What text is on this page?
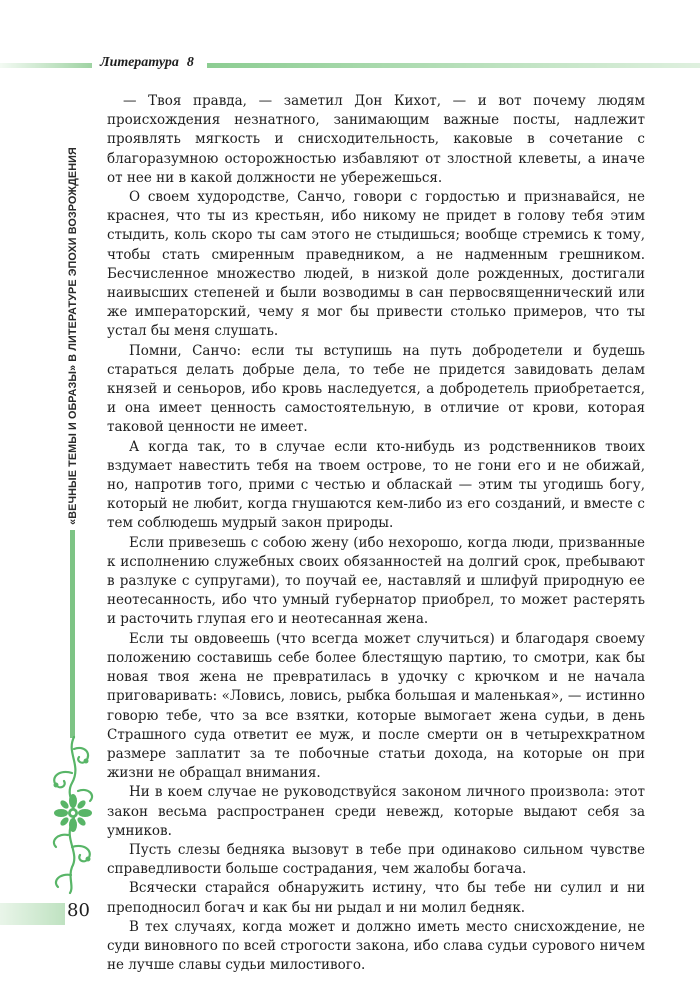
Литература 8
«ВЕЧНЫЕ ТЕМЫ И ОБРАЗЫ» В ЛИТЕРАТУРЕ ЭПОХИ ВОЗРОЖДЕНИЯ
80

— Твоя правда, — заметил Дон Кихот, — и вот почему людям происхождения незнатного, занимающим важные посты, надлежит проявлять мягкость и снисходительность, каковые в сочетание с благоразумною осторожностью избавляют от злостной клеветы, а иначе от нее ни в какой должности не убережешься.

О своем худородстве, Санчо, говори с гордостью и признавайся, не краснея, что ты из крестьян, ибо никому не придет в голову тебя этим стыдить, коль скоро ты сам этого не стыдишься; вообще стремись к тому, чтобы стать смиренным праведником, а не надменным грешником. Бесчисленное множество людей, в низкой доле рожденных, достигали наивысших степеней и были возводимы в сан первосвященнический или же императорский, чему я мог бы привести столько примеров, что ты устал бы меня слушать.

Помни, Санчо: если ты вступишь на путь добродетели и будешь стараться делать добрые дела, то тебе не придется завидовать делам князей и сеньоров, ибо кровь наследуется, а добродетель приобретается, и она имеет ценность самостоятельную, в отличие от крови, которая таковой ценности не имеет.

А когда так, то в случае если кто-нибудь из родственников твоих вздумает навестить тебя на твоем острове, то не гони его и не обижай, но, напротив того, прими с честью и обласкай — этим ты угодишь богу, который не любит, когда гнушаются кем-либо из его созданий, и вместе с тем соблюдешь мудрый закон природы.

Если привезешь с собою жену (ибо нехорошо, когда люди, призванные к исполнению служебных своих обязанностей на долгий срок, пребывают в разлуке с супругами), то поучай ее, наставляй и шлифуй природную ее неотесанность, ибо что умный губернатор приобрел, то может растерять и расточить глупая его и неотесанная жена.

Если ты овдовеешь (что всегда может случиться) и благодаря своему положению составишь себе более блестящую партию, то смотри, как бы новая твоя жена не превратилась в удочку с крючком и не начала приговаривать: «Ловись, ловись, рыбка большая и маленькая», — истинно говорю тебе, что за все взятки, которые вымогает жена судьи, в день Страшного суда ответит ее муж, и после смерти он в четырехкратном размере заплатит за те побочные статьи дохода, на которые он при жизни не обращал внимания.

Ни в коем случае не руководствуйся законом личного произвола: этот закон весьма распространен среди невежд, которые выдают себя за умников.

Пусть слезы бедняка вызовут в тебе при одинаково сильном чувстве справедливости больше сострадания, чем жалобы богача.

Всячески старайся обнаружить истину, что бы тебе ни сулил и ни преподносил богач и как бы ни рыдал и ни молил бедняк.

В тех случаях, когда может и должно иметь место снисхождение, не суди виновного по всей строгости закона, ибо слава судьи сурового ничем не лучше славы судьи милостивого.
